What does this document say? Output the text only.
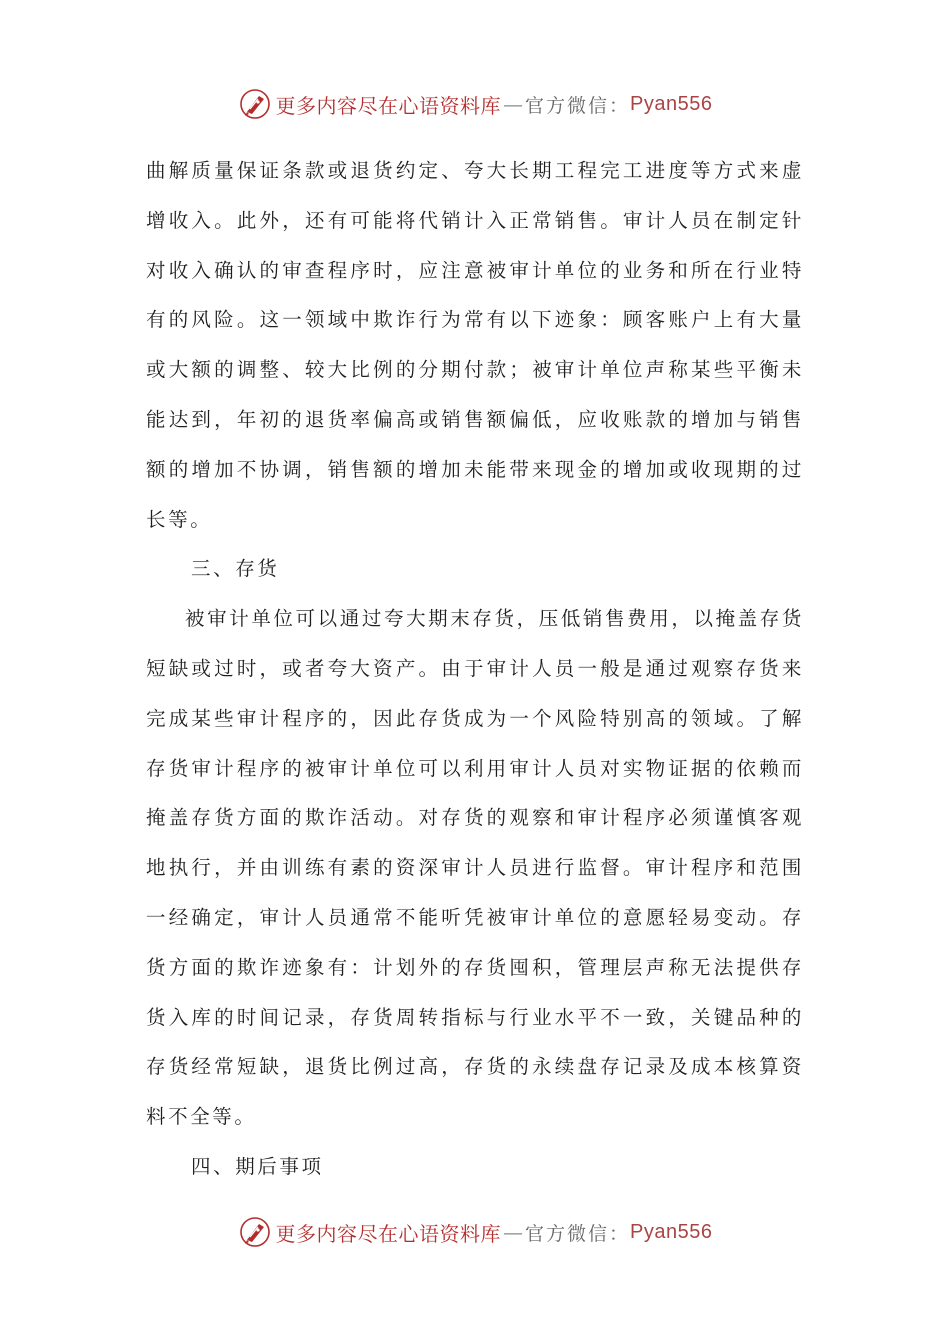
更多内容尽在心语资料库 — 官方微信： Pyan556

曲解质量保证条款或退货约定、夸大长期工程完工进度等方式来虚增收入。此外，还有可能将代销计入正常销售。审计人员在制定针对收入确认的审查程序时，应注意被审计单位的业务和所在行业特有的风险。这一领域中欺诈行为常有以下迹象：顾客账户上有大量或大额的调整、较大比例的分期付款；被审计单位声称某些平衡未能达到，年初的退货率偏高或销售额偏低，应收账款的增加与销售额的增加不协调，销售额的增加未能带来现金的增加或收现期的过长等。

三、存货

被审计单位可以通过夸大期末存货，压低销售费用，以掩盖存货短缺或过时，或者夸大资产。由于审计人员一般是通过观察存货来完成某些审计程序的，因此存货成为一个风险特别高的领域。了解存货审计程序的被审计单位可以利用审计人员对实物证据的依赖而掩盖存货方面的欺诈活动。对存货的观察和审计程序必须谨慎客观地执行，并由训练有素的资深审计人员进行监督。审计程序和范围一经确定，审计人员通常不能听凭被审计单位的意愿轻易变动。存货方面的欺诈迹象有：计划外的存货囤积，管理层声称无法提供存货入库的时间记录，存货周转指标与行业水平不一致，关键品种的存货经常短缺，退货比例过高，存货的永续盘存记录及成本核算资料不全等。

四、期后事项

更多内容尽在心语资料库 — 官方微信： Pyan556
